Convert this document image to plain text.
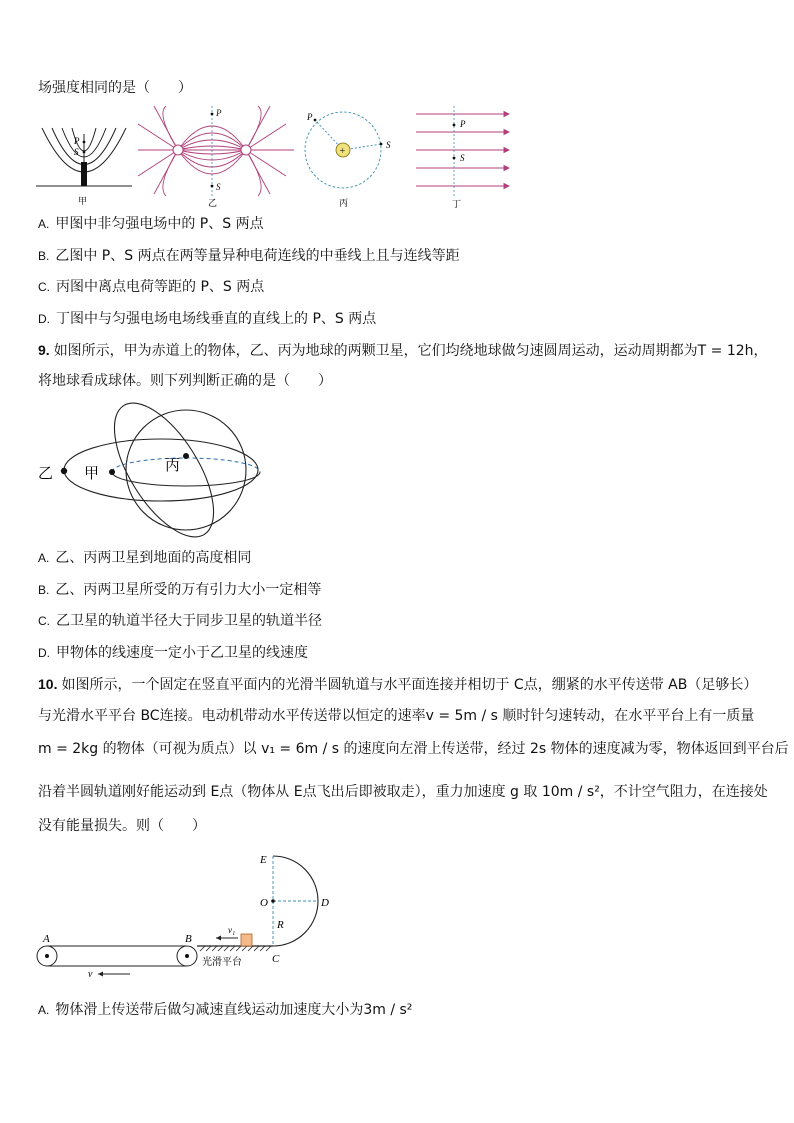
场强度相同的是（　　）
P
S
甲
P
S
乙
+
P
S
丙
P
S
丁
A. 甲图中非匀强电场中的 P、S 两点
B. 乙图中 P、S 两点在两等量异种电荷连线的中垂线上且与连线等距
C. 丙图中离点电荷等距的 P、S 两点
D. 丁图中与匀强电场电场线垂直的直线上的 P、S 两点
9. 如图所示，甲为赤道上的物体，乙、丙为地球的两颗卫星，它们均绕地球做匀速圆周运动，运动周期都为T = 12h，
将地球看成球体。则下列判断正确的是（　　）
乙 甲	丙
A. 乙、丙两卫星到地面的高度相同
B. 乙、丙两卫星所受的万有引力大小一定相等
C. 乙卫星的轨道半径大于同步卫星的轨道半径
D. 甲物体的线速度一定小于乙卫星的线速度
10. 如图所示，一个固定在竖直平面内的光滑半圆轨道与水平面连接并相切于 C点，绷紧的水平传送带 AB（足够长）
与光滑水平平台 BC连接。电动机带动水平传送带以恒定的速率v = 5m / s 顺时针匀速转动，在水平平台上有一质量
m = 2kg 的物体（可视为质点）以 v₁ = 6m / s 的速度向左滑上传送带，经过 2s 物体的速度减为零，物体返回到平台后
沿着半圆轨道刚好能运动到 E点（物体从 E点飞出后即被取走），重力加速度 g 取 10m / s²，不计空气阻力，在连接处
没有能量损失。则（　　）
v
光滑平台
v₁
E
O	D
R
C
A	B
A. 物体滑上传送带后做匀减速直线运动加速度大小为3m / s²
